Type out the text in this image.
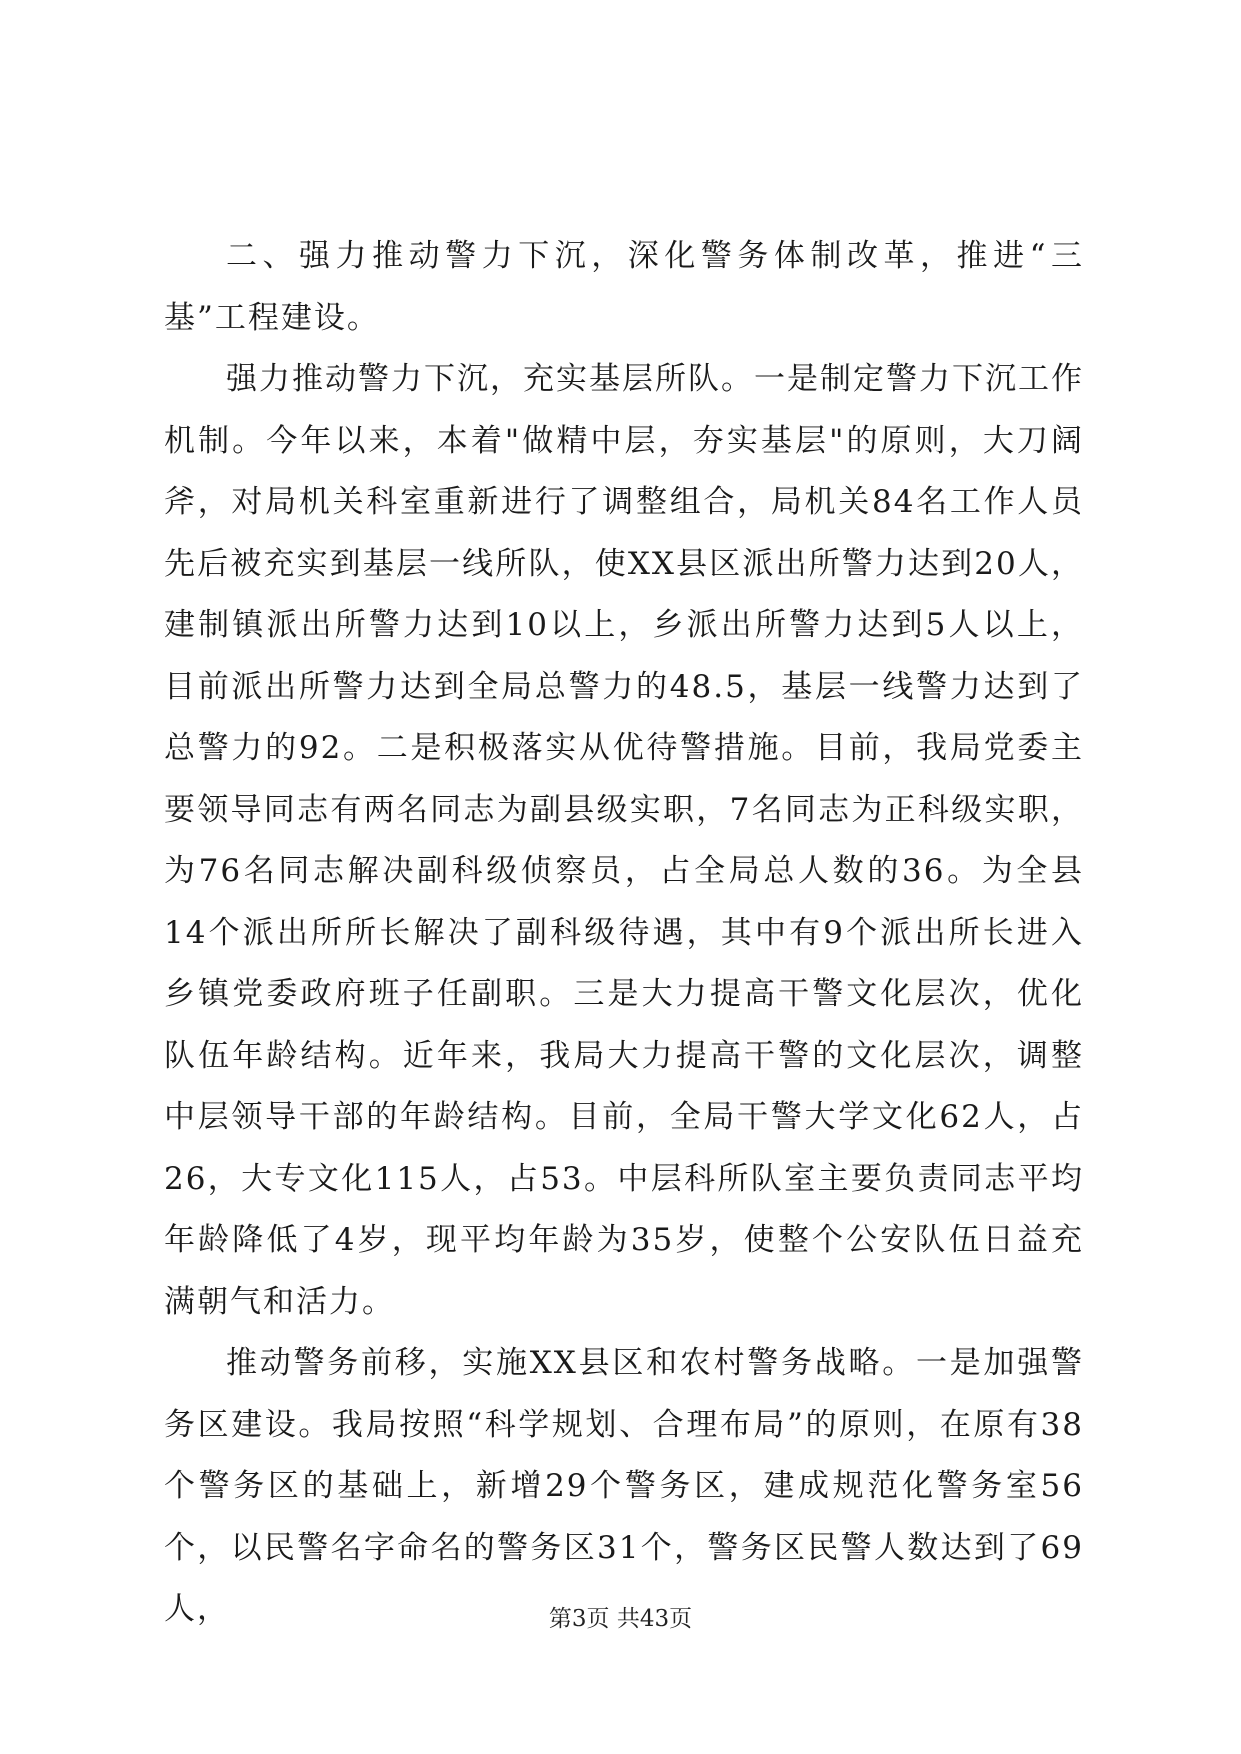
二、强力推动警力下沉，深化警务体制改革，推进“三基”工程建设。

强力推动警力下沉，充实基层所队。一是制定警力下沉工作机制。今年以来，本着"做精中层，夯实基层"的原则，大刀阔斧，对局机关科室重新进行了调整组合，局机关84名工作人员先后被充实到基层一线所队，使XX县区派出所警力达到20人，建制镇派出所警力达到10以上，乡派出所警力达到5人以上，目前派出所警力达到全局总警力的48.5，基层一线警力达到了总警力的92。二是积极落实从优待警措施。目前，我局党委主要领导同志有两名同志为副县级实职，7名同志为正科级实职，为76名同志解决副科级侦察员，占全局总人数的36。为全县14个派出所所长解决了副科级待遇，其中有9个派出所长进入乡镇党委政府班子任副职。三是大力提高干警文化层次，优化队伍年龄结构。近年来，我局大力提高干警的文化层次，调整中层领导干部的年龄结构。目前，全局干警大学文化62人，占26，大专文化115人，占53。中层科所队室主要负责同志平均年龄降低了4岁，现平均年龄为35岁，使整个公安队伍日益充满朝气和活力。

推动警务前移，实施XX县区和农村警务战略。一是加强警务区建设。我局按照“科学规划、合理布局”的原则，在原有38个警务区的基础上，新增29个警务区，建成规范化警务室56个，以民警名字命名的警务区31个，警务区民警人数达到了69人，	第3页 共43页
